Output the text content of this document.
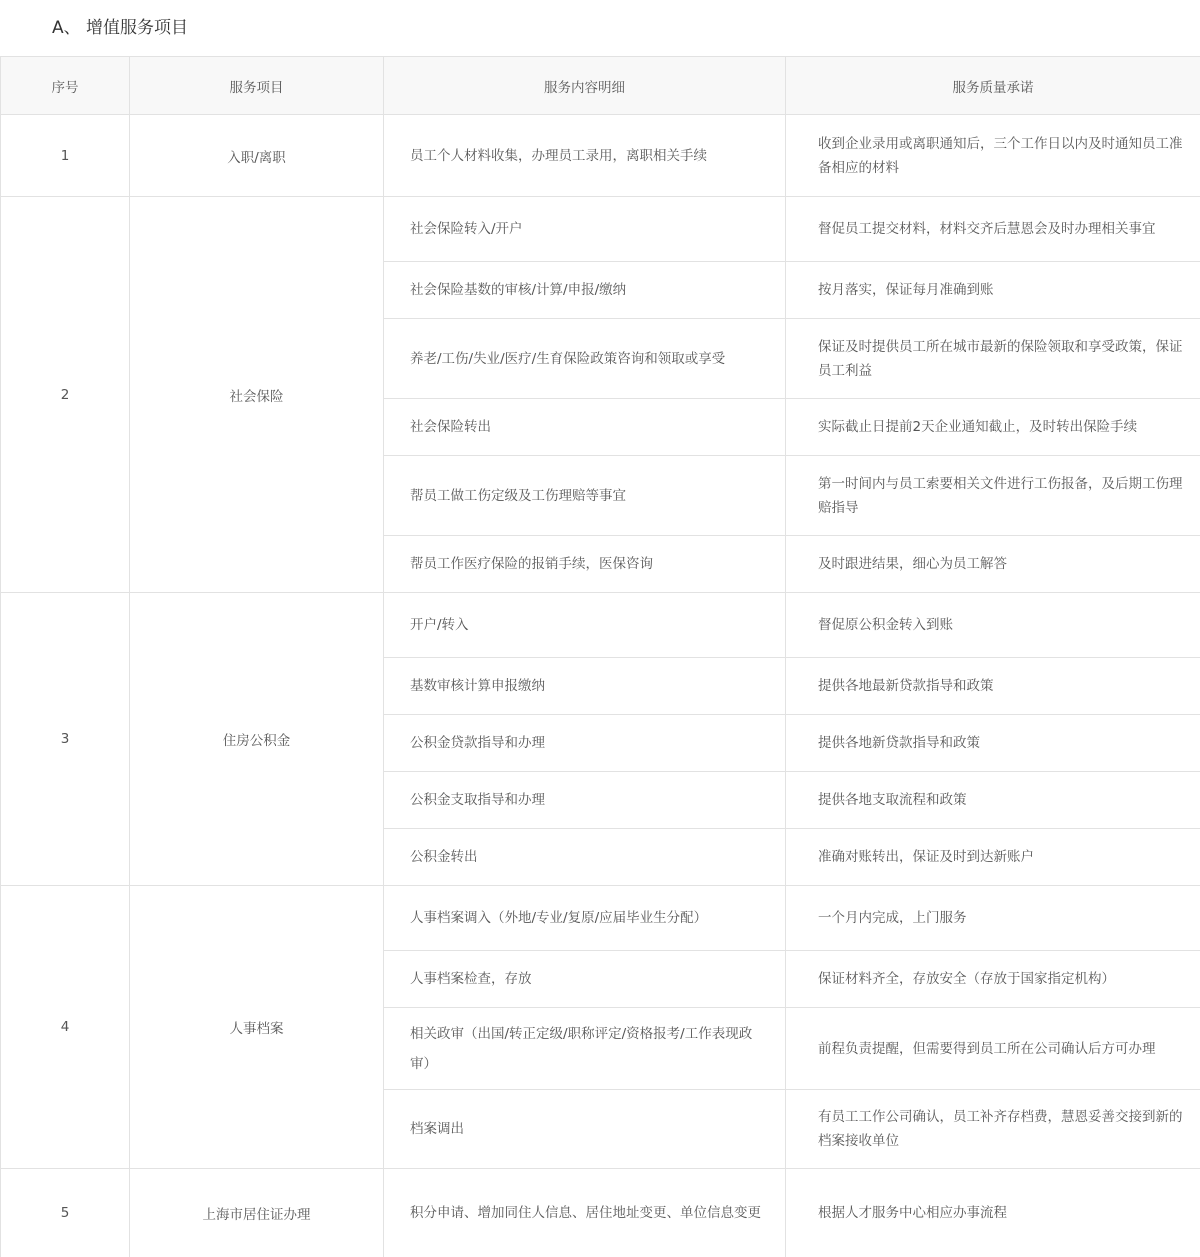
A、 增值服务项目
序号	服务项目	服务内容明细	服务质量承诺
1	入职/离职	员工个人材料收集，办理员工录用，离职相关手续	收到企业录用或离职通知后，三个工作日以内及时通知员工准备相应的材料
2	社会保险	社会保险转入/开户	督促员工提交材料，材料交齐后慧恩会及时办理相关事宜
		社会保险基数的审核/计算/申报/缴纳	按月落实，保证每月准确到账
		养老/工伤/失业/医疗/生育保险政策咨询和领取或享受	保证及时提供员工所在城市最新的保险领取和享受政策，保证员工利益
		社会保险转出	实际截止日提前2天企业通知截止，及时转出保险手续
		帮员工做工伤定级及工伤理赔等事宜	第一时间内与员工索要相关文件进行工伤报备，及后期工伤理赔指导
		帮员工作医疗保险的报销手续，医保咨询	及时跟进结果，细心为员工解答
3	住房公积金	开户/转入	督促原公积金转入到账
		基数审核计算申报缴纳	提供各地最新贷款指导和政策
		公积金贷款指导和办理	提供各地新贷款指导和政策
		公积金支取指导和办理	提供各地支取流程和政策
		公积金转出	准确对账转出，保证及时到达新账户
4	人事档案	人事档案调入（外地/专业/复原/应届毕业生分配）	一个月内完成，上门服务
		人事档案检查，存放	保证材料齐全，存放安全（存放于国家指定机构）
		相关政审（出国/转正定级/职称评定/资格报考/工作表现政审）	前程负责提醒，但需要得到员工所在公司确认后方可办理
		档案调出	有员工工作公司确认，员工补齐存档费，慧恩妥善交接到新的档案接收单位
5	上海市居住证办理	积分申请、增加同住人信息、居住地址变更、单位信息变更	根据人才服务中心相应办事流程
